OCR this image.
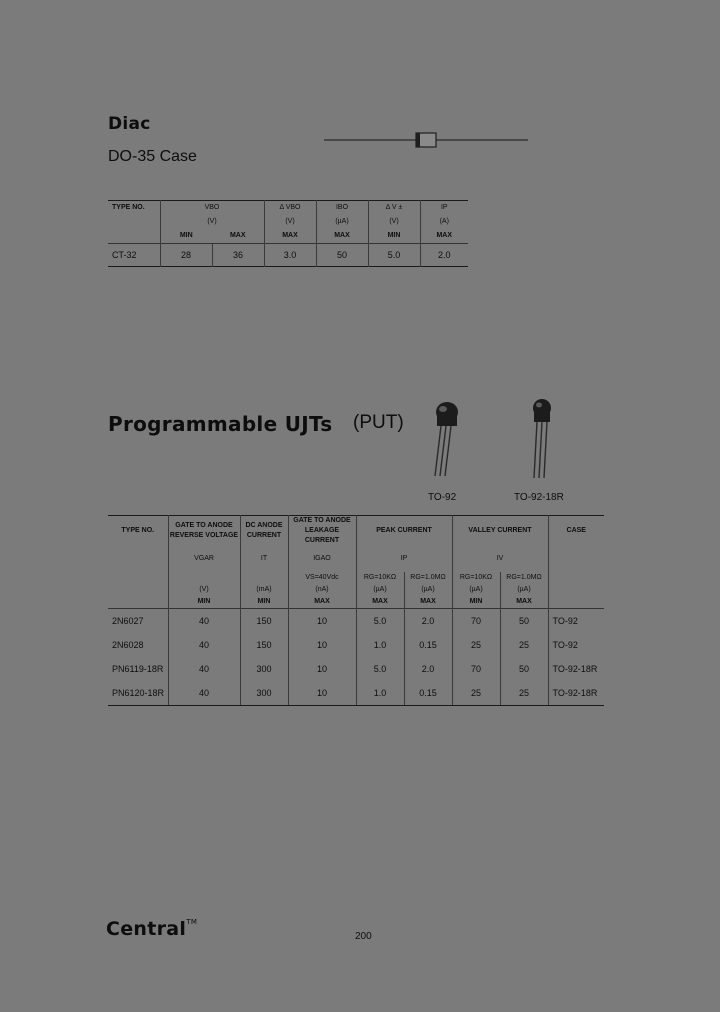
Diac
DO-35 Case
TYPE NO.	VBO		Δ VBO	IBO	Δ V ±	IP
	(V)		(V)	(µA)	(V)	(A)
	MIN	MAX	MAX	MAX	MIN	MAX
CT-32	28	36	3.0	50	5.0	2.0
Programmable UJTs (PUT)
TO-92	TO-92-18R
TYPE NO.	GATE TO ANODE REVERSE VOLTAGE	DC ANODE CURRENT	GATE TO ANODE LEAKAGE CURRENT	PEAK CURRENT		VALLEY CURRENT		CASE
	VGAR	IT	IGAO	IP		IV		
			VS=40Vdc	RG=10KΩ	RG=1.0MΩ	RG=10KΩ	RG=1.0MΩ	
	(V)	(mA)	(nA)	(µA)	(µA)	(µA)	(µA)	
	MIN	MIN	MAX	MAX	MAX	MIN	MAX	
2N6027	40	150	10	5.0	2.0	70	50	TO-92
2N6028	40	150	10	1.0	0.15	25	25	TO-92
PN6119-18R	40	300	10	5.0	2.0	70	50	TO-92-18R
PN6120-18R	40	300	10	1.0	0.15	25	25	TO-92-18R
Central™
200
